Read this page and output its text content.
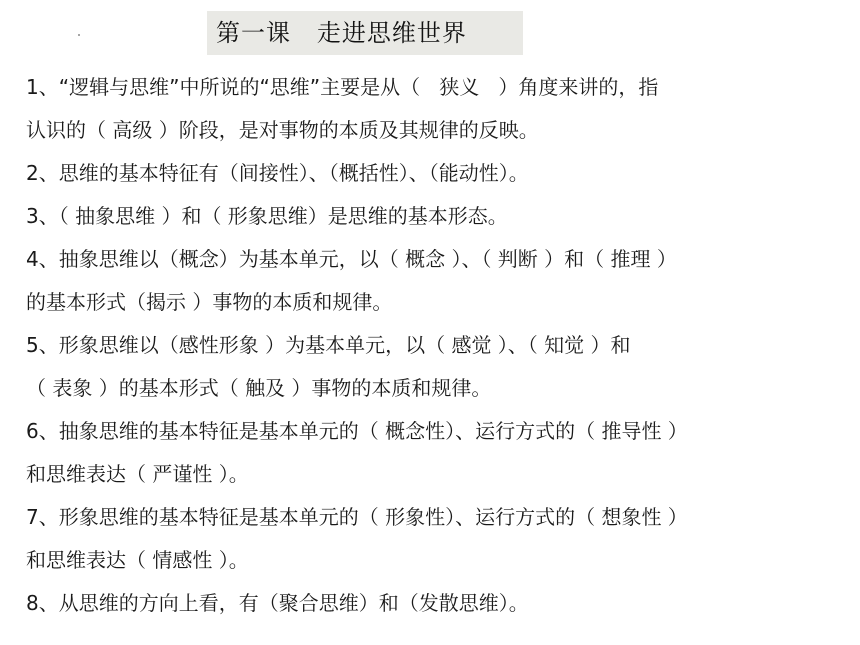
第一课   走进思维世界
1、“逻辑与思维”中所说的“思维”主要是从（   狭义   ）角度来讲的，指
认识的（ 高级 ）阶段，是对事物的本质及其规律的反映。
2、思维的基本特征有（间接性）、（概括性）、（能动性）。
3、（ 抽象思维 ）和（ 形象思维）是思维的基本形态。
4、抽象思维以（概念）为基本单元，以（ 概念 ）、（ 判断 ）和（ 推理 ）
的基本形式（揭示 ）事物的本质和规律。
5、形象思维以（感性形象 ）为基本单元，以（ 感觉 ）、（ 知觉 ）和
（ 表象 ）的基本形式（ 触及 ）事物的本质和规律。
6、抽象思维的基本特征是基本单元的（ 概念性）、运行方式的（ 推导性 ）
和思维表达（ 严谨性 ）。
7、形象思维的基本特征是基本单元的（ 形象性）、运行方式的（ 想象性 ）
和思维表达（ 情感性 ）。
8、从思维的方向上看，有（聚合思维）和（发散思维）。
